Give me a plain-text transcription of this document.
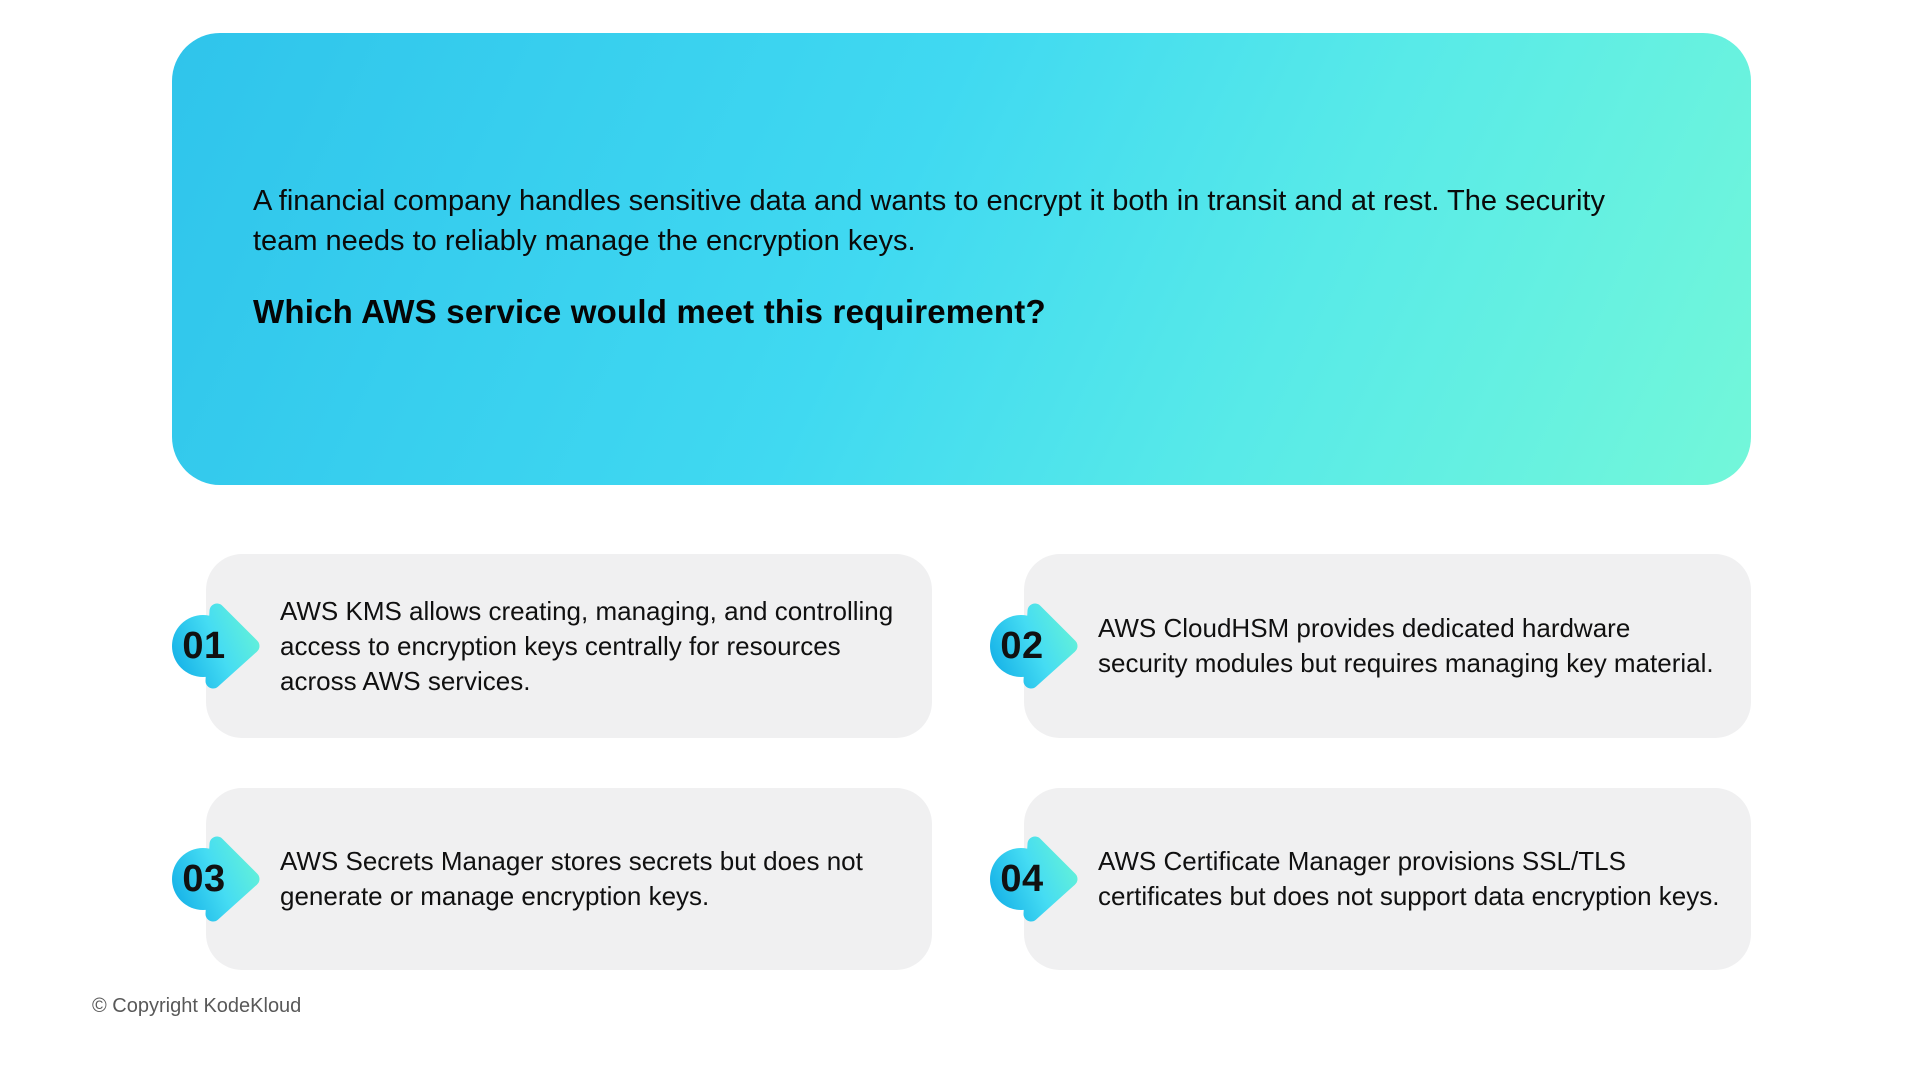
A financial company handles sensitive data and wants to encrypt it both in transit and at rest. The security team needs to reliably manage the encryption keys.

Which AWS service would meet this requirement?
01

AWS KMS allows creating, managing, and controlling access to encryption keys centrally for resources across AWS services.

02	AWS CloudHSM provides dedicated hardware security modules but requires managing key material.

03	AWS Secrets Manager stores secrets but does not generate or manage encryption keys.	04	AWS Certificate Manager provisions SSL/TLS certificates but does not support data encryption keys.

© Copyright KodeKloud
